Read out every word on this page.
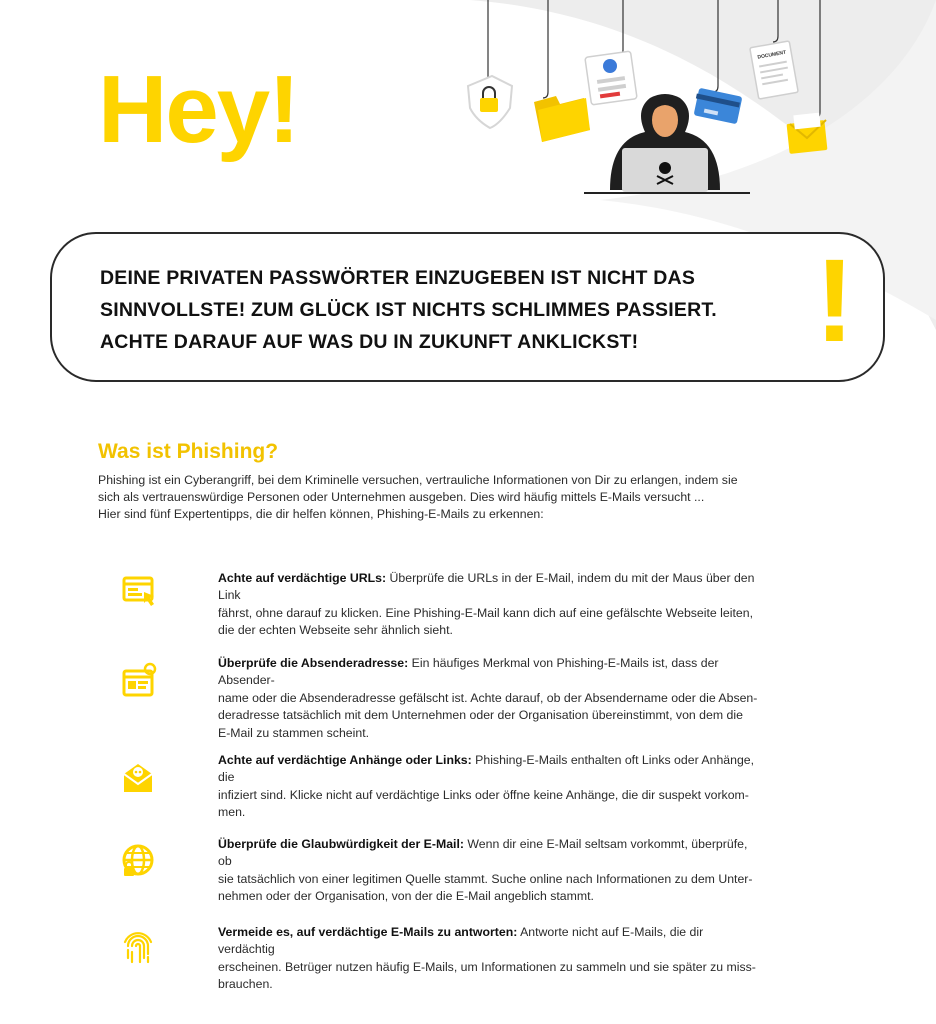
Hey!
DOCUMENT

DEINE PRIVATEN PASSWÖRTER EINZUGEBEN IST NICHT DAS
SINNVOLLSTE! ZUM GLÜCK IST NICHTS SCHLIMMES PASSIERT.
ACHTE DARAUF AUF WAS DU IN ZUKUNFT ANKLICKST!	!

Was ist Phishing?

Phishing ist ein Cyberangriff, bei dem Kriminelle versuchen, vertrauliche Informationen von Dir zu erlangen, indem sie
sich als vertrauenswürdige Personen oder Unternehmen ausgeben. Dies wird häufig mittels E-Mails versucht ...
Hier sind fünf Expertentipps, die dir helfen können, Phishing-E-Mails zu erkennen:

Achte auf verdächtige URLs: Überprüfe die URLs in der E-Mail, indem du mit der Maus über den Link
fährst, ohne darauf zu klicken. Eine Phishing-E-Mail kann dich auf eine gefälschte Webseite leiten,
die der echten Webseite sehr ähnlich sieht.

Überprüfe die Absenderadresse: Ein häufiges Merkmal von Phishing-E-Mails ist, dass der Absender-
name oder die Absenderadresse gefälscht ist. Achte darauf, ob der Absendername oder die Absen-
deradresse tatsächlich mit dem Unternehmen oder der Organisation übereinstimmt, von dem die
E-Mail zu stammen scheint.

Achte auf verdächtige Anhänge oder Links: Phishing-E-Mails enthalten oft Links oder Anhänge, die
infiziert sind. Klicke nicht auf verdächtige Links oder öffne keine Anhänge, die dir suspekt vorkom-
men.

Überprüfe die Glaubwürdigkeit der E-Mail: Wenn dir eine E-Mail seltsam vorkommt, überprüfe, ob
sie tatsächlich von einer legitimen Quelle stammt. Suche online nach Informationen zu dem Unter-
nehmen oder der Organisation, von der die E-Mail angeblich stammt.

Vermeide es, auf verdächtige E-Mails zu antworten: Antworte nicht auf E-Mails, die dir verdächtig
erscheinen. Betrüger nutzen häufig E-Mails, um Informationen zu sammeln und sie später zu miss-
brauchen.
